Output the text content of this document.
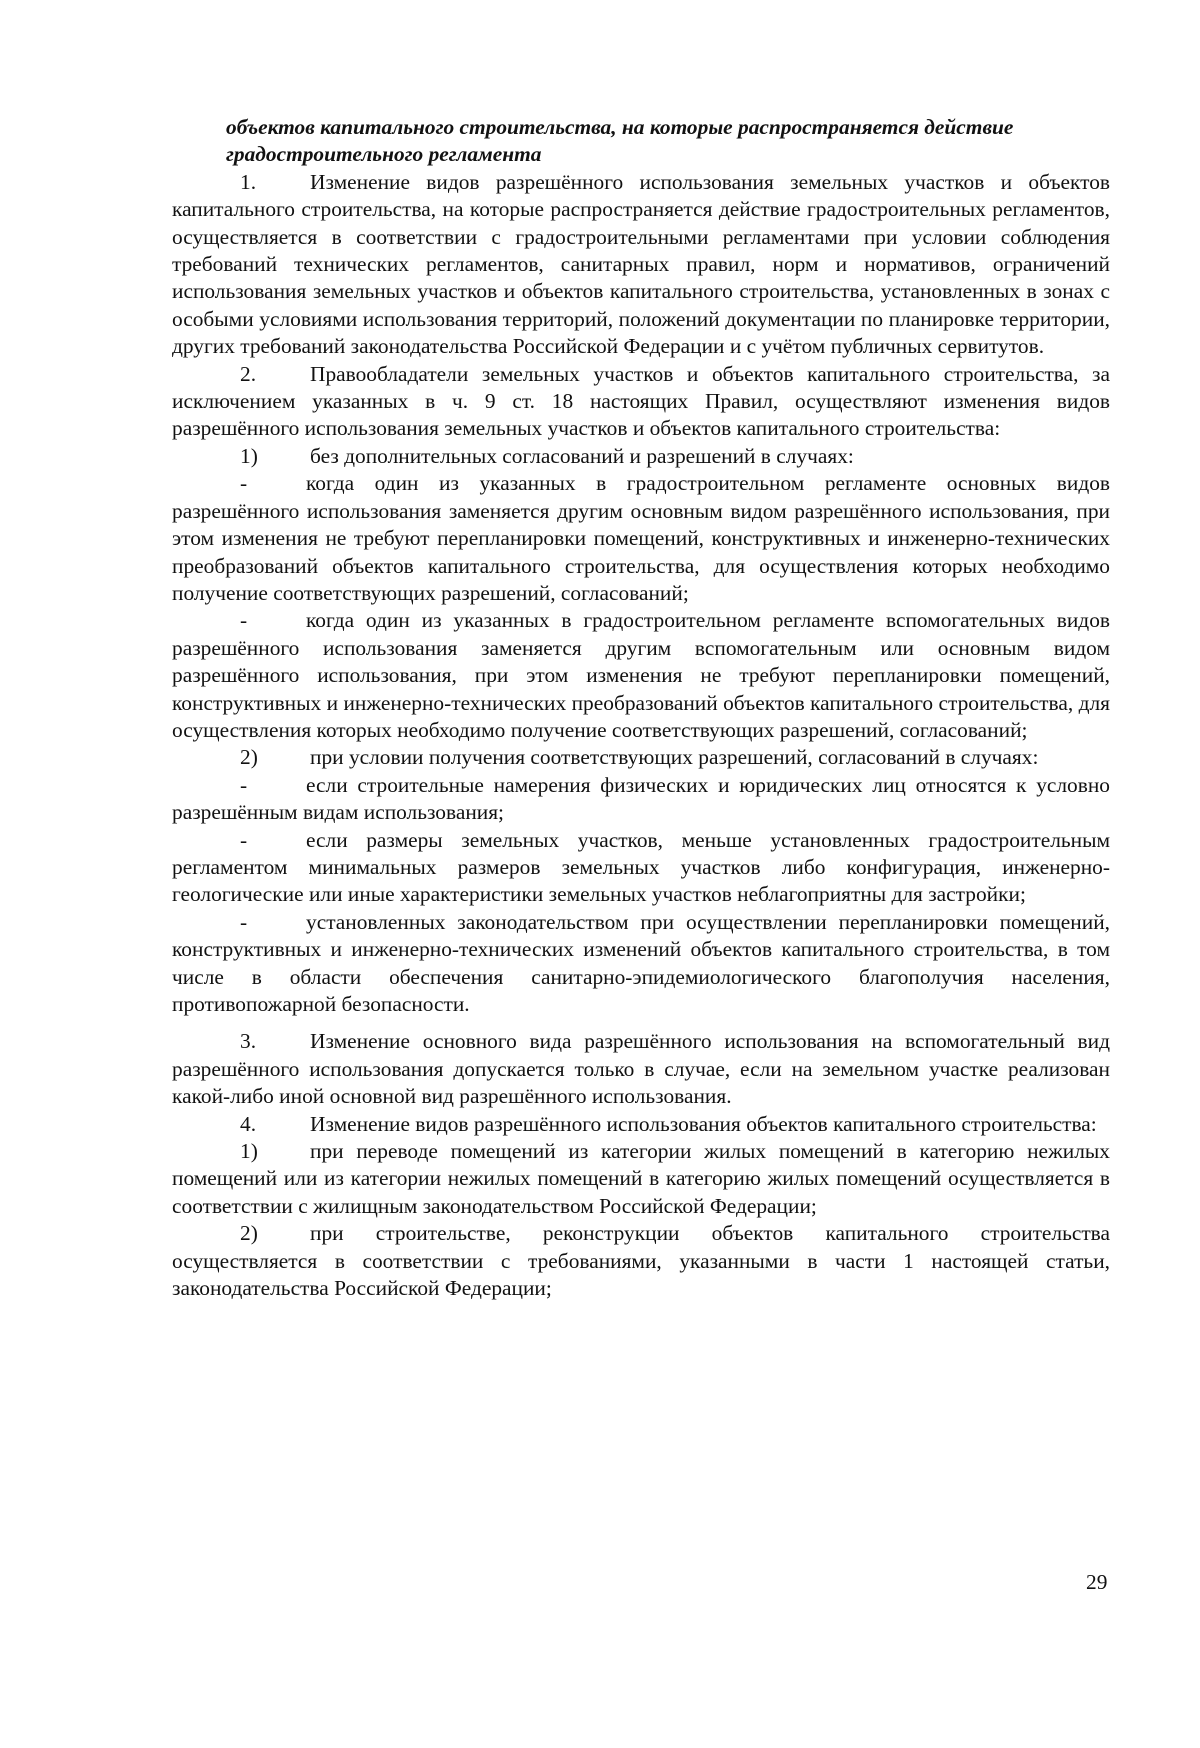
объектов капитального строительства, на которые распространяется действие градостроительного регламента

1.	Изменение видов разрешённого использования земельных участков и объектов капитального строительства, на которые распространяется действие градостроительных регламентов, осуществляется в соответствии с градостроительными регламентами при условии соблюдения требований технических регламентов, санитарных правил, норм и нормативов, ограничений использования земельных участков и объектов капитального строительства, установленных в зонах с особыми условиями использования территорий, положений документации по планировке территории, других требований законодательства Российской Федерации и с учётом публичных сервитутов.

2.	Правообладатели земельных участков и объектов капитального строительства, за исключением указанных в ч. 9 ст. 18 настоящих Правил, осуществляют изменения видов разрешённого использования земельных участков и объектов капитального строительства:

1) без дополнительных согласований и разрешений в случаях:

-	когда один из указанных в градостроительном регламенте основных видов разрешённого использования заменяется другим основным видом разрешённого использования, при этом изменения не требуют перепланировки помещений, конструктивных и инженерно-технических преобразований объектов капитального строительства, для осуществления которых необходимо получение соответствующих разрешений, согласований;

-	когда один из указанных в градостроительном регламенте вспомогательных видов разрешённого использования заменяется другим вспомогательным или основным видом разрешённого использования, при этом изменения не требуют перепланировки помещений, конструктивных и инженерно-технических преобразований объектов капитального строительства, для осуществления которых необходимо получение соответствующих разрешений, согласований;

2) при условии получения соответствующих разрешений, согласований в случаях:

-	если строительные намерения физических и юридических лиц относятся к условно разрешённым видам использования;

-	если размеры земельных участков, меньше установленных градостроительным регламентом минимальных размеров земельных участков либо конфигурация, инженерно- геологические или иные характеристики земельных участков неблагоприятны для застройки;

-	установленных законодательством при осуществлении перепланировки помещений, конструктивных и инженерно-технических изменений объектов капитального строительства, в том числе в области обеспечения санитарно-эпидемиологического благополучия населения, противопожарной безопасности.

3.	Изменение основного вида разрешённого использования на вспомогательный вид разрешённого использования допускается только в случае, если на земельном участке реализован какой-либо иной основной вид разрешённого использования.

4.	Изменение видов разрешённого использования объектов капитального строительства:

1) при переводе помещений из категории жилых помещений в категорию нежилых помещений или из категории нежилых помещений в категорию жилых помещений осуществляется в соответствии с жилищным законодательством Российской Федерации;

2) при строительстве, реконструкции объектов капитального строительства осуществляется в соответствии с требованиями, указанными в части 1 настоящей статьи, законодательства Российской Федерации;

29
